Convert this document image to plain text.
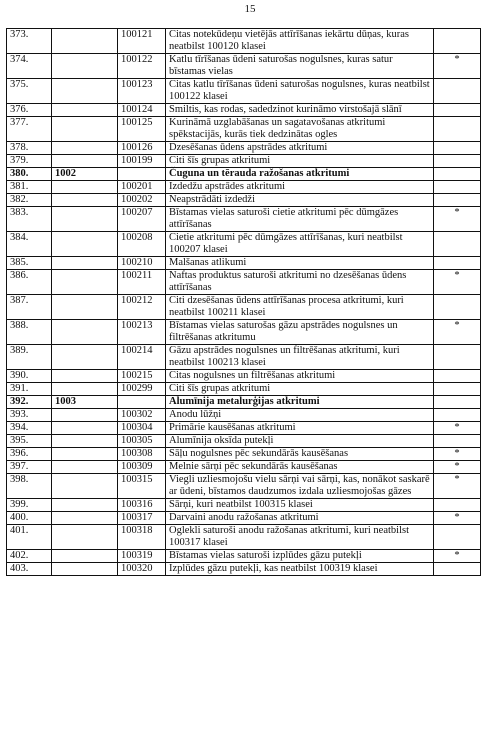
15
373.		100121	Citas notekūdeņu vietējās attīrīšanas iekārtu dūņas, kuras neatbilst 100120 klasei	
374.		100122	Katlu tīrīšanas ūdeni saturošas nogulsnes, kuras satur bīstamas vielas	*
375.		100123	Citas katlu tīrīšanas ūdeni saturošas nogulsnes, kuras neatbilst 100122 klasei	
376.		100124	Smiltis, kas rodas, sadedzinot kurināmo virstošajā slānī	
377.		100125	Kurināmā uzglabāšanas un sagatavošanas atkritumi spēkstacijās, kurās tiek dedzinātas ogles	
378.		100126	Dzesēšanas ūdens apstrādes atkritumi	
379.		100199	Citi šīs grupas atkritumi	
380.	1002		Čuguna un tērauda ražošanas atkritumi	
381.		100201	Izdedžu apstrādes atkritumi	
382.		100202	Neapstrādāti izdedži	
383.		100207	Bīstamas vielas saturoši cietie atkritumi pēc dūmgāzes attīrīšanas	*
384.		100208	Cietie atkritumi pēc dūmgāzes attīrīšanas, kuri neatbilst 100207 klasei	
385.		100210	Malšanas atlikumi	
386.		100211	Naftas produktus saturoši atkritumi no dzesēšanas ūdens attīrīšanas	*
387.		100212	Citi dzesēšanas ūdens attīrīšanas procesa atkritumi, kuri neatbilst 100211 klasei	
388.		100213	Bīstamas vielas saturošas gāzu apstrādes nogulsnes un filtrēšanas atkritumu	*
389.		100214	Gāzu apstrādes nogulsnes un filtrēšanas atkritumi, kuri neatbilst 100213 klasei	
390.		100215	Citas nogulsnes un filtrēšanas atkritumi	
391.		100299	Citi šīs grupas atkritumi	
392.	1003		Alumīnija metalurģijas atkritumi	
393.		100302	Anodu lūžņi	
394.		100304	Primārie kausēšanas atkritumi	*
395.		100305	Alumīnija oksīda putekļi	
396.		100308	Sāļu nogulsnes pēc sekundārās kausēšanas	*
397.		100309	Melnie sārņi pēc sekundārās kausēšanas	*
398.		100315	Viegli uzliesmojošu vielu sārņi vai sārņi, kas, nonākot saskarē ar ūdeni, bīstamos daudzumos izdala uzliesmojošas gāzes	*
399.		100316	Sārņi, kuri neatbilst 100315 klasei	
400.		100317	Darvaini anodu ražošanas atkritumi	*
401.		100318	Oglekli saturoši anodu ražošanas atkritumi, kuri neatbilst 100317 klasei	
402.		100319	Bīstamas vielas saturoši izplūdes gāzu putekļi	*
403.		100320	Izplūdes gāzu putekļi, kas neatbilst 100319 klasei	
